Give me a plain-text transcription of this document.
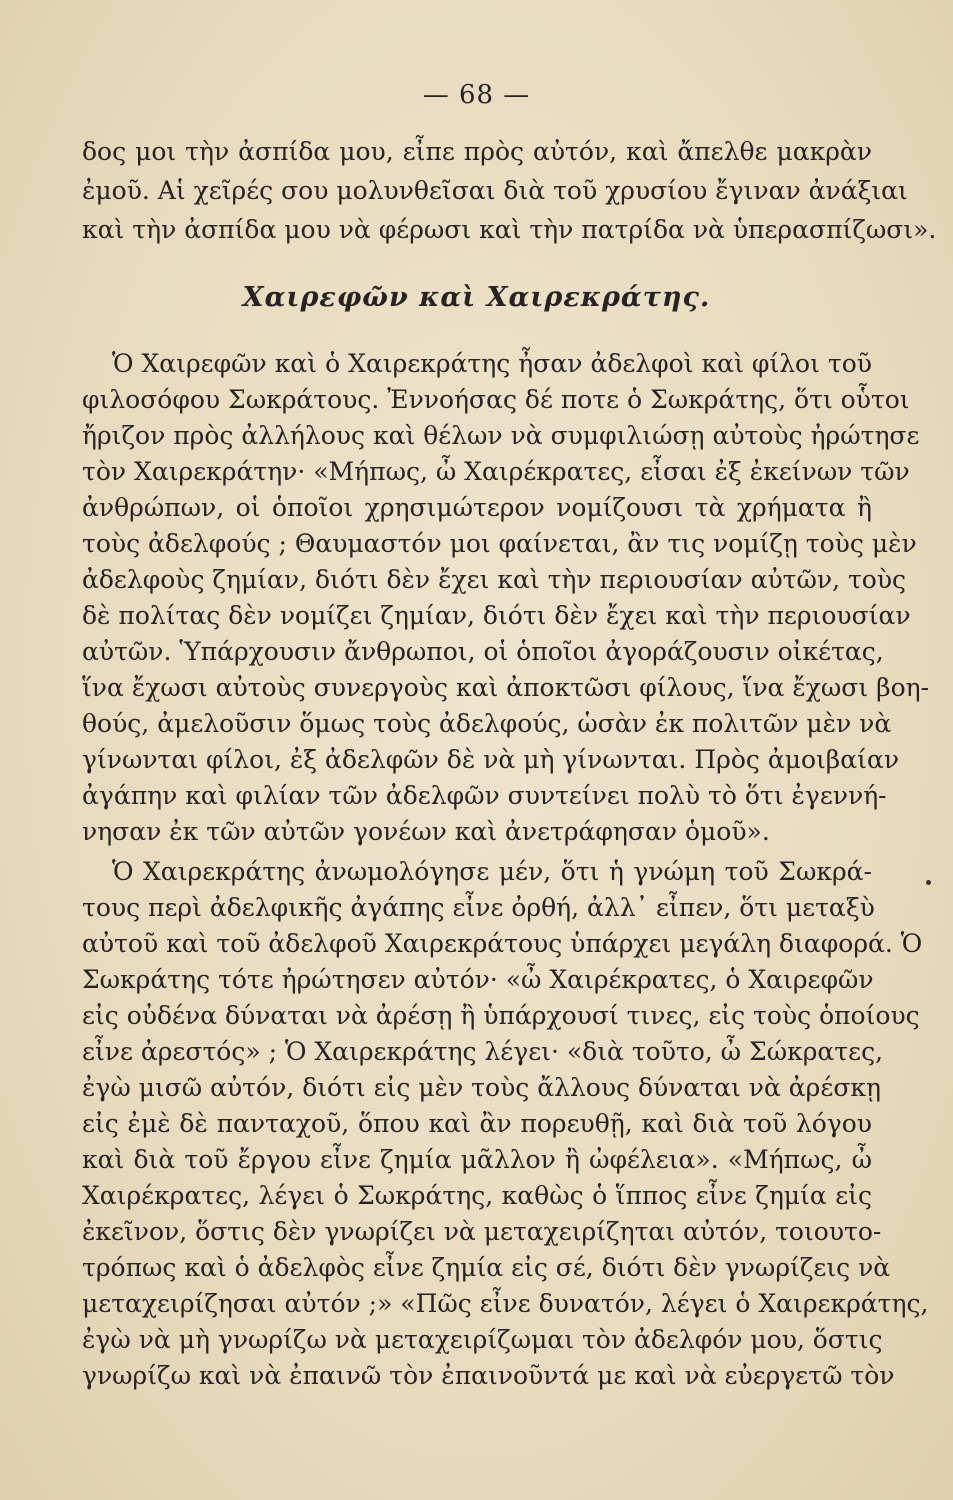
— 68 —
δος μοι τὴν ἀσπίδα μου, εἶπε πρὸς αὐτόν, καὶ ἄπελθε μακρὰν
ἐμοῦ. Αἱ χεῖρές σου μολυνθεῖσαι διὰ τοῦ χρυσίου ἔγιναν ἀνάξιαι
καὶ τὴν ἀσπίδα μου νὰ φέρωσι καὶ τὴν πατρίδα νὰ ὑπερασπίζωσι».
Χαιρεφῶν καὶ Χαιρεκράτης.
Ὁ Χαιρεφῶν καὶ ὁ Χαιρεκράτης ἦσαν ἀδελφοὶ καὶ φίλοι τοῦ
φιλοσόφου Σωκράτους. Ἐννοήσας δέ ποτε ὁ Σωκράτης, ὅτι οὗτοι
ἤριζον πρὸς ἀλλήλους καὶ θέλων νὰ συμφιλιώσῃ αὐτοὺς ἠρώτησε
τὸν Χαιρεκράτην· «Μήπως, ὦ Χαιρέκρατες, εἶσαι ἐξ ἐκείνων τῶν
ἀνθρώπων, οἱ ὁποῖοι χρησιμώτερον νομίζουσι τὰ χρήματα ἢ
τοὺς ἀδελφούς ; Θαυμαστόν μοι φαίνεται, ἂν τις νομίζῃ τοὺς μὲν
ἀδελφοὺς ζημίαν, διότι δὲν ἔχει καὶ τὴν περιουσίαν αὐτῶν, τοὺς
δὲ πολίτας δὲν νομίζει ζημίαν, διότι δὲν ἔχει καὶ τὴν περιουσίαν
αὐτῶν. Ὑπάρχουσιν ἄνθρωποι, οἱ ὁποῖοι ἀγοράζουσιν οἰκέτας,
ἵνα ἔχωσι αὐτοὺς συνεργοὺς καὶ ἀποκτῶσι φίλους, ἵνα ἔχωσι βοη-
θούς, ἀμελοῦσιν ὅμως τοὺς ἀδελφούς, ὡσὰν ἐκ πολιτῶν μὲν νὰ
γίνωνται φίλοι, ἐξ ἀδελφῶν δὲ νὰ μὴ γίνωνται. Πρὸς ἀμοιβαίαν
ἀγάπην καὶ φιλίαν τῶν ἀδελφῶν συντείνει πολὺ τὸ ὅτι ἐγεννή-
νησαν ἐκ τῶν αὐτῶν γονέων καὶ ἀνετράφησαν ὁμοῦ».
Ὁ Χαιρεκράτης ἀνωμολόγησε μέν, ὅτι ἡ γνώμη τοῦ Σωκρά-
τους περὶ ἀδελφικῆς ἀγάπης εἶνε ὀρθή, ἀλλ᾽ εἶπεν, ὅτι μεταξὺ
αὐτοῦ καὶ τοῦ ἀδελφοῦ Χαιρεκράτους ὑπάρχει μεγάλη διαφορά. Ὁ
Σωκράτης τότε ἠρώτησεν αὐτόν· «ὦ Χαιρέκρατες, ὁ Χαιρεφῶν
εἰς οὐδένα δύναται νὰ ἀρέσῃ ἢ ὑπάρχουσί τινες, εἰς τοὺς ὁποίους
εἶνε ἀρεστός» ; Ὁ Χαιρεκράτης λέγει· «διὰ τοῦτο, ὦ Σώκρατες,
ἐγὼ μισῶ αὐτόν, διότι εἰς μὲν τοὺς ἄλλους δύναται νὰ ἀρέσκῃ
εἰς ἐμὲ δὲ πανταχοῦ, ὅπου καὶ ἂν πορευθῇ, καὶ διὰ τοῦ λόγου
καὶ διὰ τοῦ ἔργου εἶνε ζημία μᾶλλον ἢ ὠφέλεια». «Μήπως, ὦ
Χαιρέκρατες, λέγει ὁ Σωκράτης, καθὼς ὁ ἵππος εἶνε ζημία εἰς
ἐκεῖνον, ὅστις δὲν γνωρίζει νὰ μεταχειρίζηται αὐτόν, τοιουτο-
τρόπως καὶ ὁ ἀδελφὸς εἶνε ζημία εἰς σέ, διότι δὲν γνωρίζεις νὰ
μεταχειρίζησαι αὐτόν ;» «Πῶς εἶνε δυνατόν, λέγει ὁ Χαιρεκράτης,
ἐγὼ νὰ μὴ γνωρίζω νὰ μεταχειρίζωμαι τὸν ἀδελφόν μου, ὅστις
γνωρίζω καὶ νὰ ἐπαινῶ τὸν ἐπαινοῦντά με καὶ νὰ εὐεργετῶ τὸν
